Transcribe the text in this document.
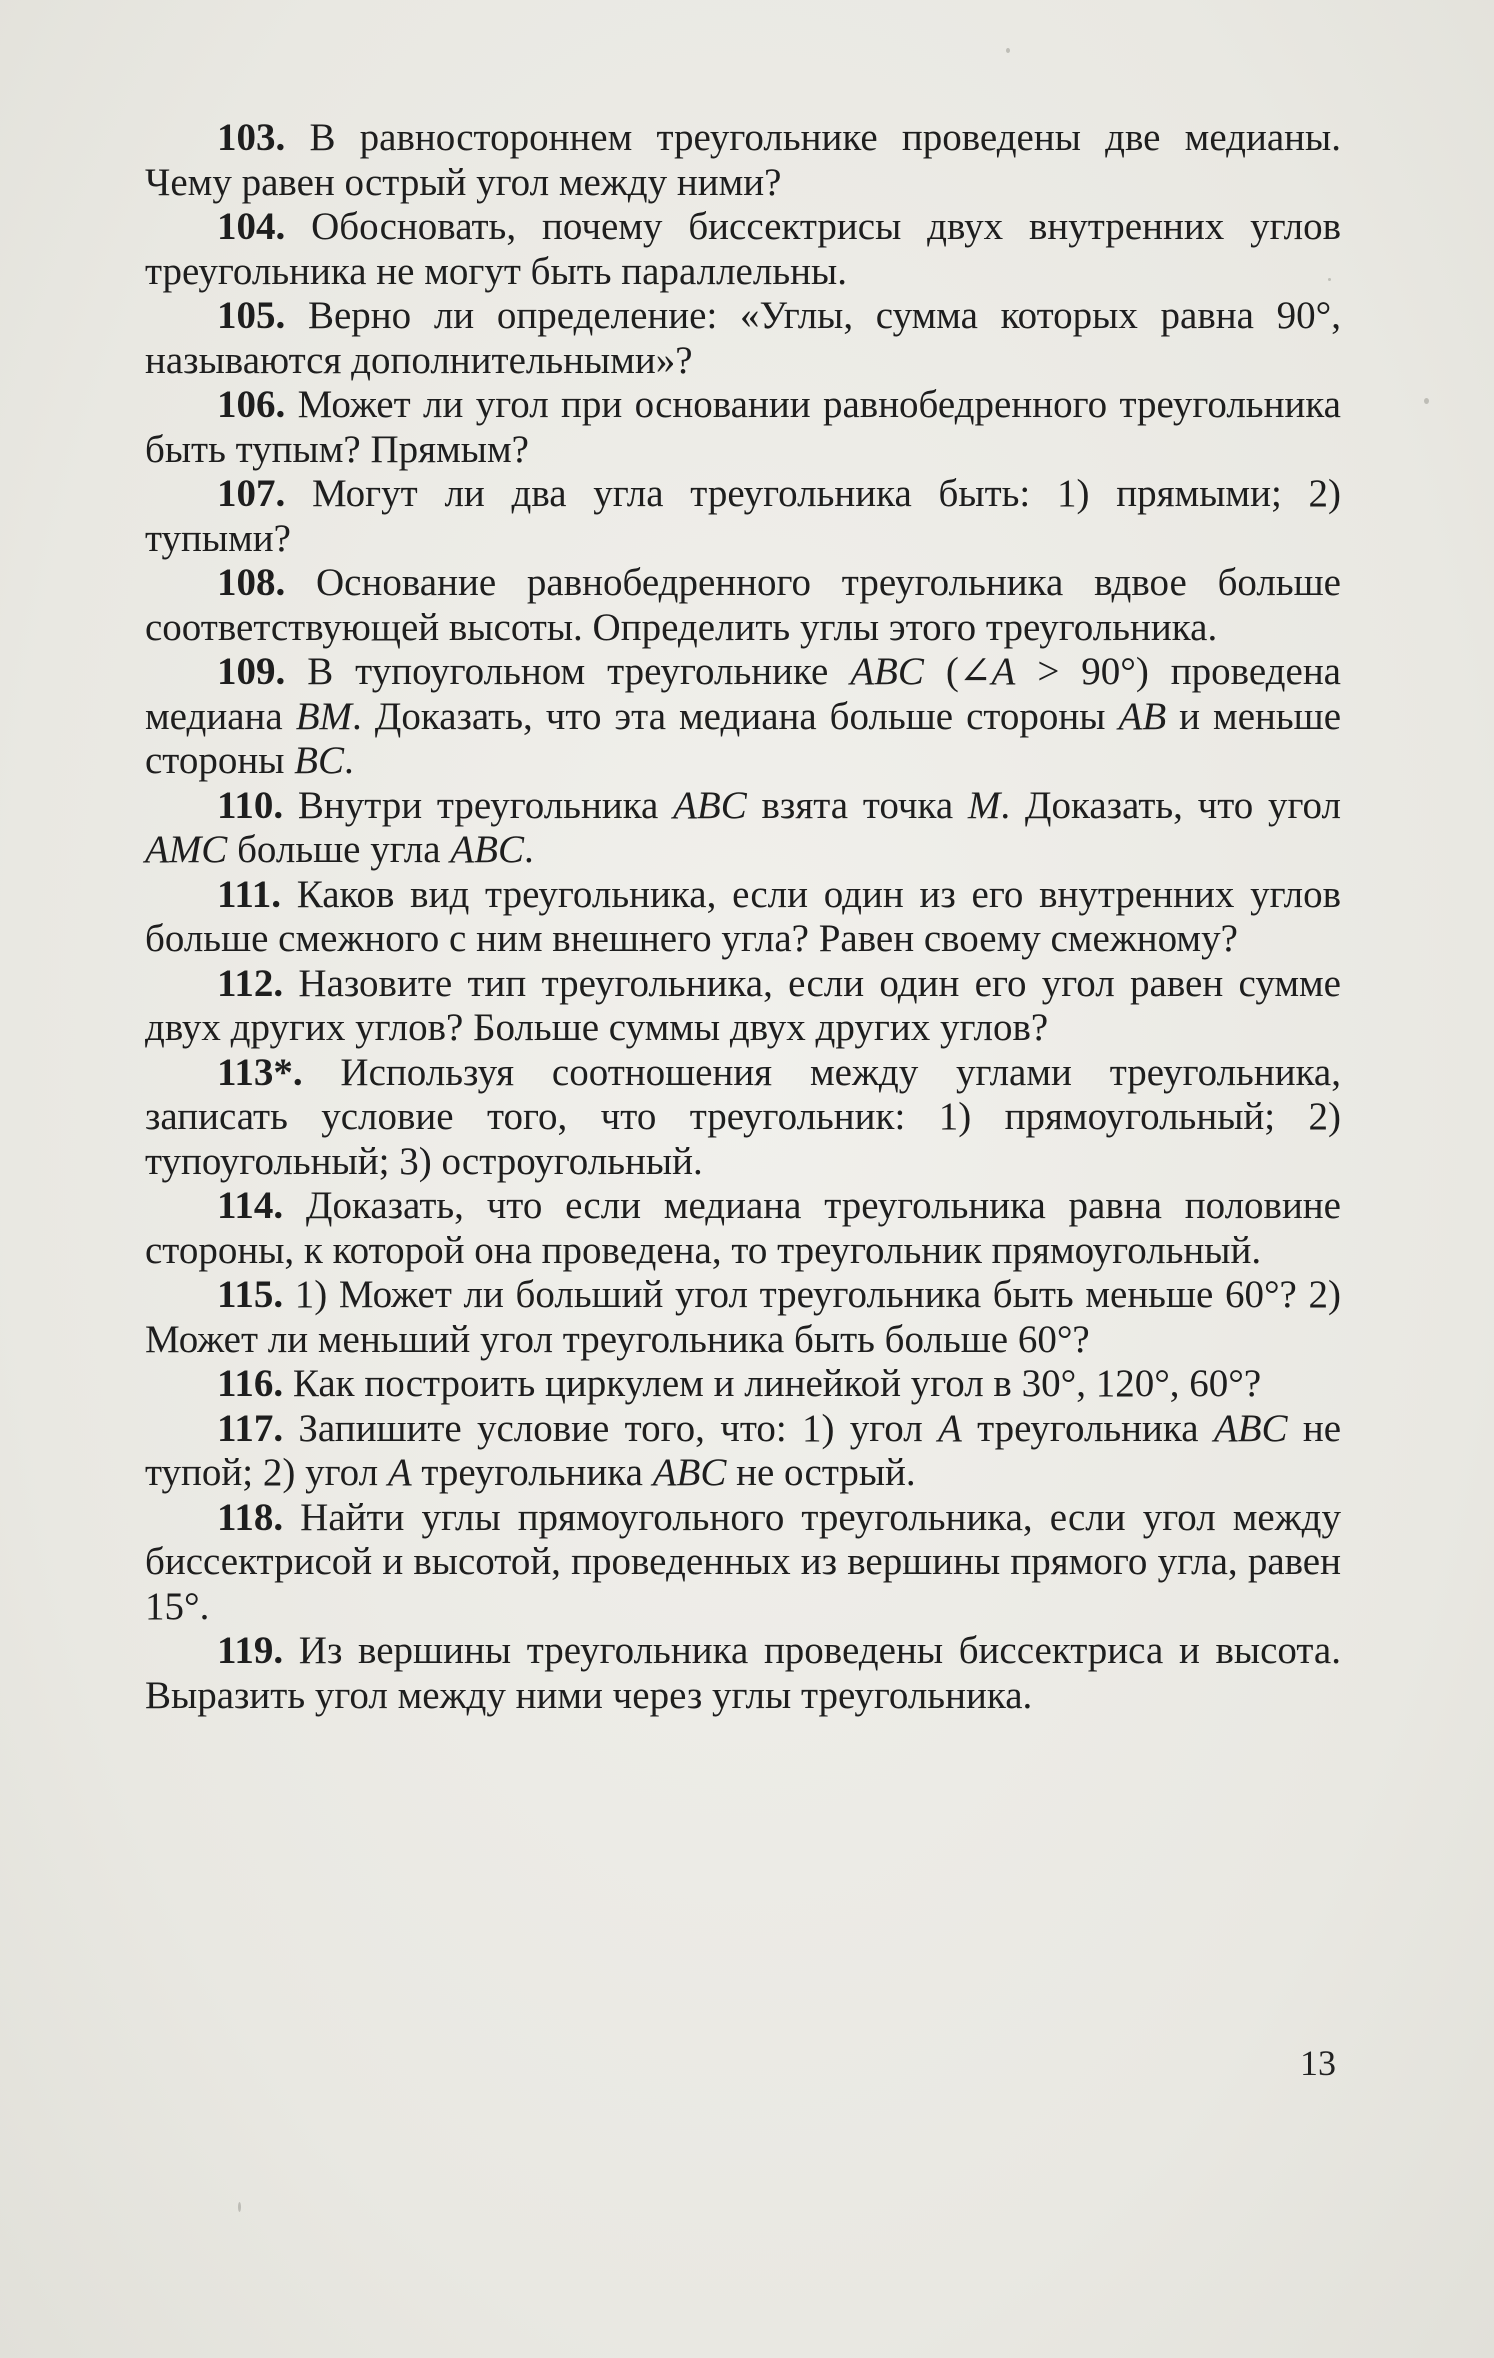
103. В равностороннем треугольнике проведены две медианы. Чему равен острый угол между ними?

104. Обосновать, почему биссектрисы двух внутренних углов треугольника не могут быть параллельны.

105. Верно ли определение: «Углы, сумма которых равна 90°, называются дополнительными»?

106. Может ли угол при основании равнобедренного треугольника быть тупым? Прямым?

107. Могут ли два угла треугольника быть: 1) прямыми; 2) тупыми?

108. Основание равнобедренного треугольника вдвое больше соответствующей высоты. Определить углы этого треугольника.

109. В тупоугольном треугольнике ABC (∠A > 90°) проведена медиана BM. Доказать, что эта медиана больше стороны AB и меньше стороны BC.

110. Внутри треугольника ABC взята точка M. Доказать, что угол AMC больше угла ABC.

111. Каков вид треугольника, если один из его внутренних углов больше смежного с ним внешнего угла? Равен своему смежному?

112. Назовите тип треугольника, если один его угол равен сумме двух других углов? Больше суммы двух других углов?

113*. Используя соотношения между углами треугольника, записать условие того, что треугольник: 1) прямоугольный; 2) тупоугольный; 3) остроугольный.

114. Доказать, что если медиана треугольника равна половине стороны, к которой она проведена, то треугольник прямоугольный.

115. 1) Может ли больший угол треугольника быть меньше 60°? 2) Может ли меньший угол треугольника быть больше 60°?

116. Как построить циркулем и линейкой угол в 30°, 120°, 60°?

117. Запишите условие того, что: 1) угол A треугольника ABC не тупой; 2) угол A треугольника ABC не острый.

118. Найти углы прямоугольного треугольника, если угол между биссектрисой и высотой, проведенных из вершины прямого угла, равен 15°.

119. Из вершины треугольника проведены биссектриса и высота. Выразить угол между ними через углы треугольника.

13
